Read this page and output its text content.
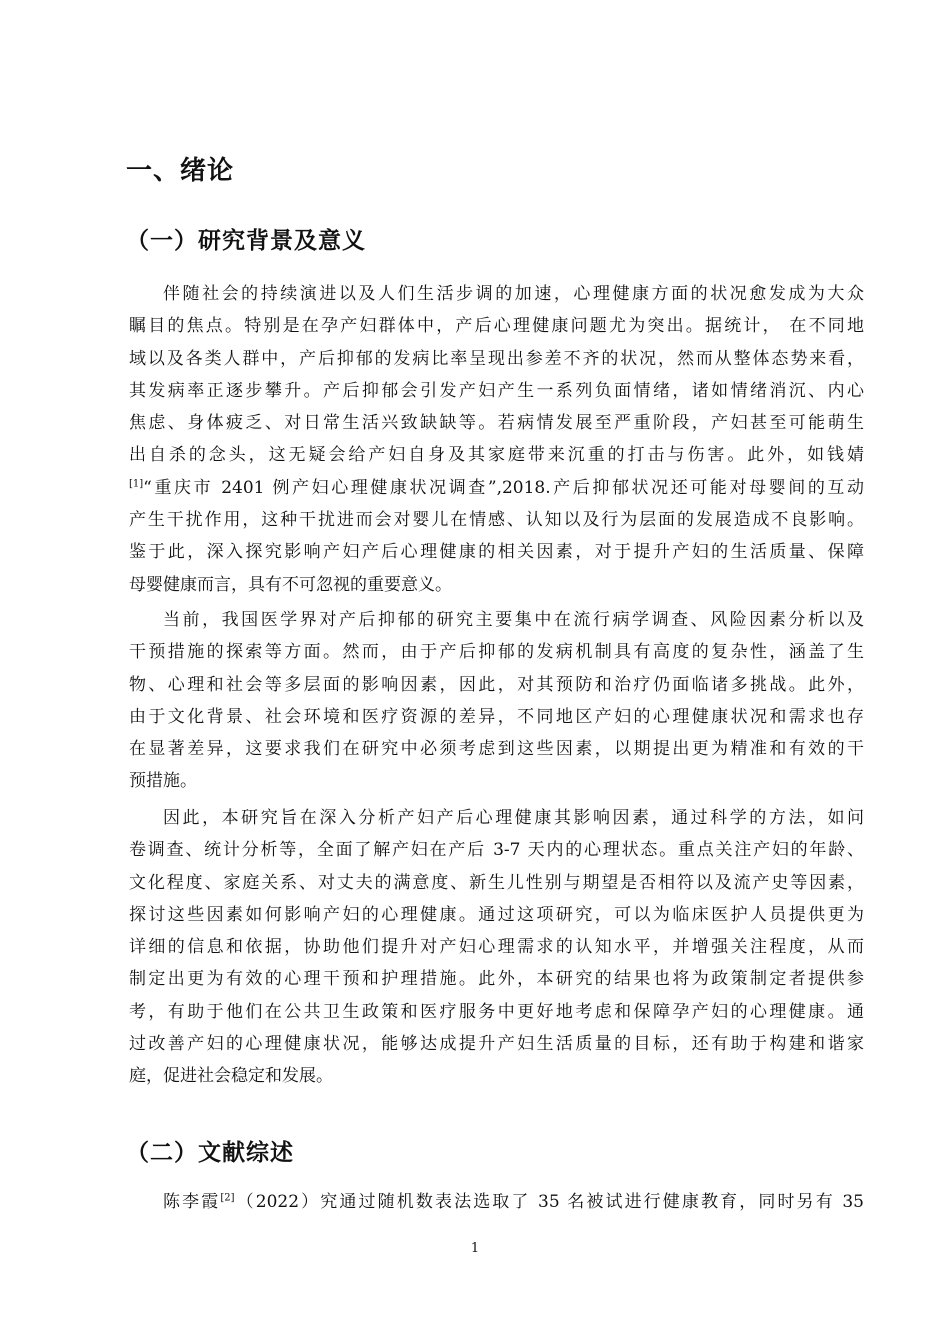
一、绪论
（一）研究背景及意义
伴随社会的持续演进以及人们生活步调的加速，心理健康方面的状况愈发成为大众
瞩目的焦点。特别是在孕产妇群体中，产后心理健康问题尤为突出。据统计， 在不同地
域以及各类人群中，产后抑郁的发病比率呈现出参差不齐的状况，然而从整体态势来看，
其发病率正逐步攀升。产后抑郁会引发产妇产生一系列负面情绪，诸如情绪消沉、内心
焦虑、身体疲乏、对日常生活兴致缺缺等。若病情发展至严重阶段，产妇甚至可能萌生
出自杀的念头，这无疑会给产妇自身及其家庭带来沉重的打击与伤害。此外，如钱婧
[1]“重庆市 2401 例产妇心理健康状况调查”,2018.产后抑郁状况还可能对母婴间的互动
产生干扰作用，这种干扰进而会对婴儿在情感、认知以及行为层面的发展造成不良影响。
鉴于此，深入探究影响产妇产后心理健康的相关因素，对于提升产妇的生活质量、保障
母婴健康而言，具有不可忽视的重要意义。
当前，我国医学界对产后抑郁的研究主要集中在流行病学调查、风险因素分析以及
干预措施的探索等方面。然而，由于产后抑郁的发病机制具有高度的复杂性，涵盖了生
物、心理和社会等多层面的影响因素，因此，对其预防和治疗仍面临诸多挑战。此外，
由于文化背景、社会环境和医疗资源的差异，不同地区产妇的心理健康状况和需求也存
在显著差异，这要求我们在研究中必须考虑到这些因素，以期提出更为精准和有效的干
预措施。
因此，本研究旨在深入分析产妇产后心理健康其影响因素，通过科学的方法，如问
卷调查、统计分析等，全面了解产妇在产后 3-7 天内的心理状态。重点关注产妇的年龄、
文化程度、家庭关系、对丈夫的满意度、新生儿性别与期望是否相符以及流产史等因素，
探讨这些因素如何影响产妇的心理健康。通过这项研究，可以为临床医护人员提供更为
详细的信息和依据，协助他们提升对产妇心理需求的认知水平，并增强关注程度，从而
制定出更为有效的心理干预和护理措施。此外，本研究的结果也将为政策制定者提供参
考，有助于他们在公共卫生政策和医疗服务中更好地考虑和保障孕产妇的心理健康。通
过改善产妇的心理健康状况，能够达成提升产妇生活质量的目标，还有助于构建和谐家
庭，促进社会稳定和发展。
（二）文献综述
陈李霞[2]（2022）究通过随机数表法选取了 35 名被试进行健康教育，同时另有 35
1
